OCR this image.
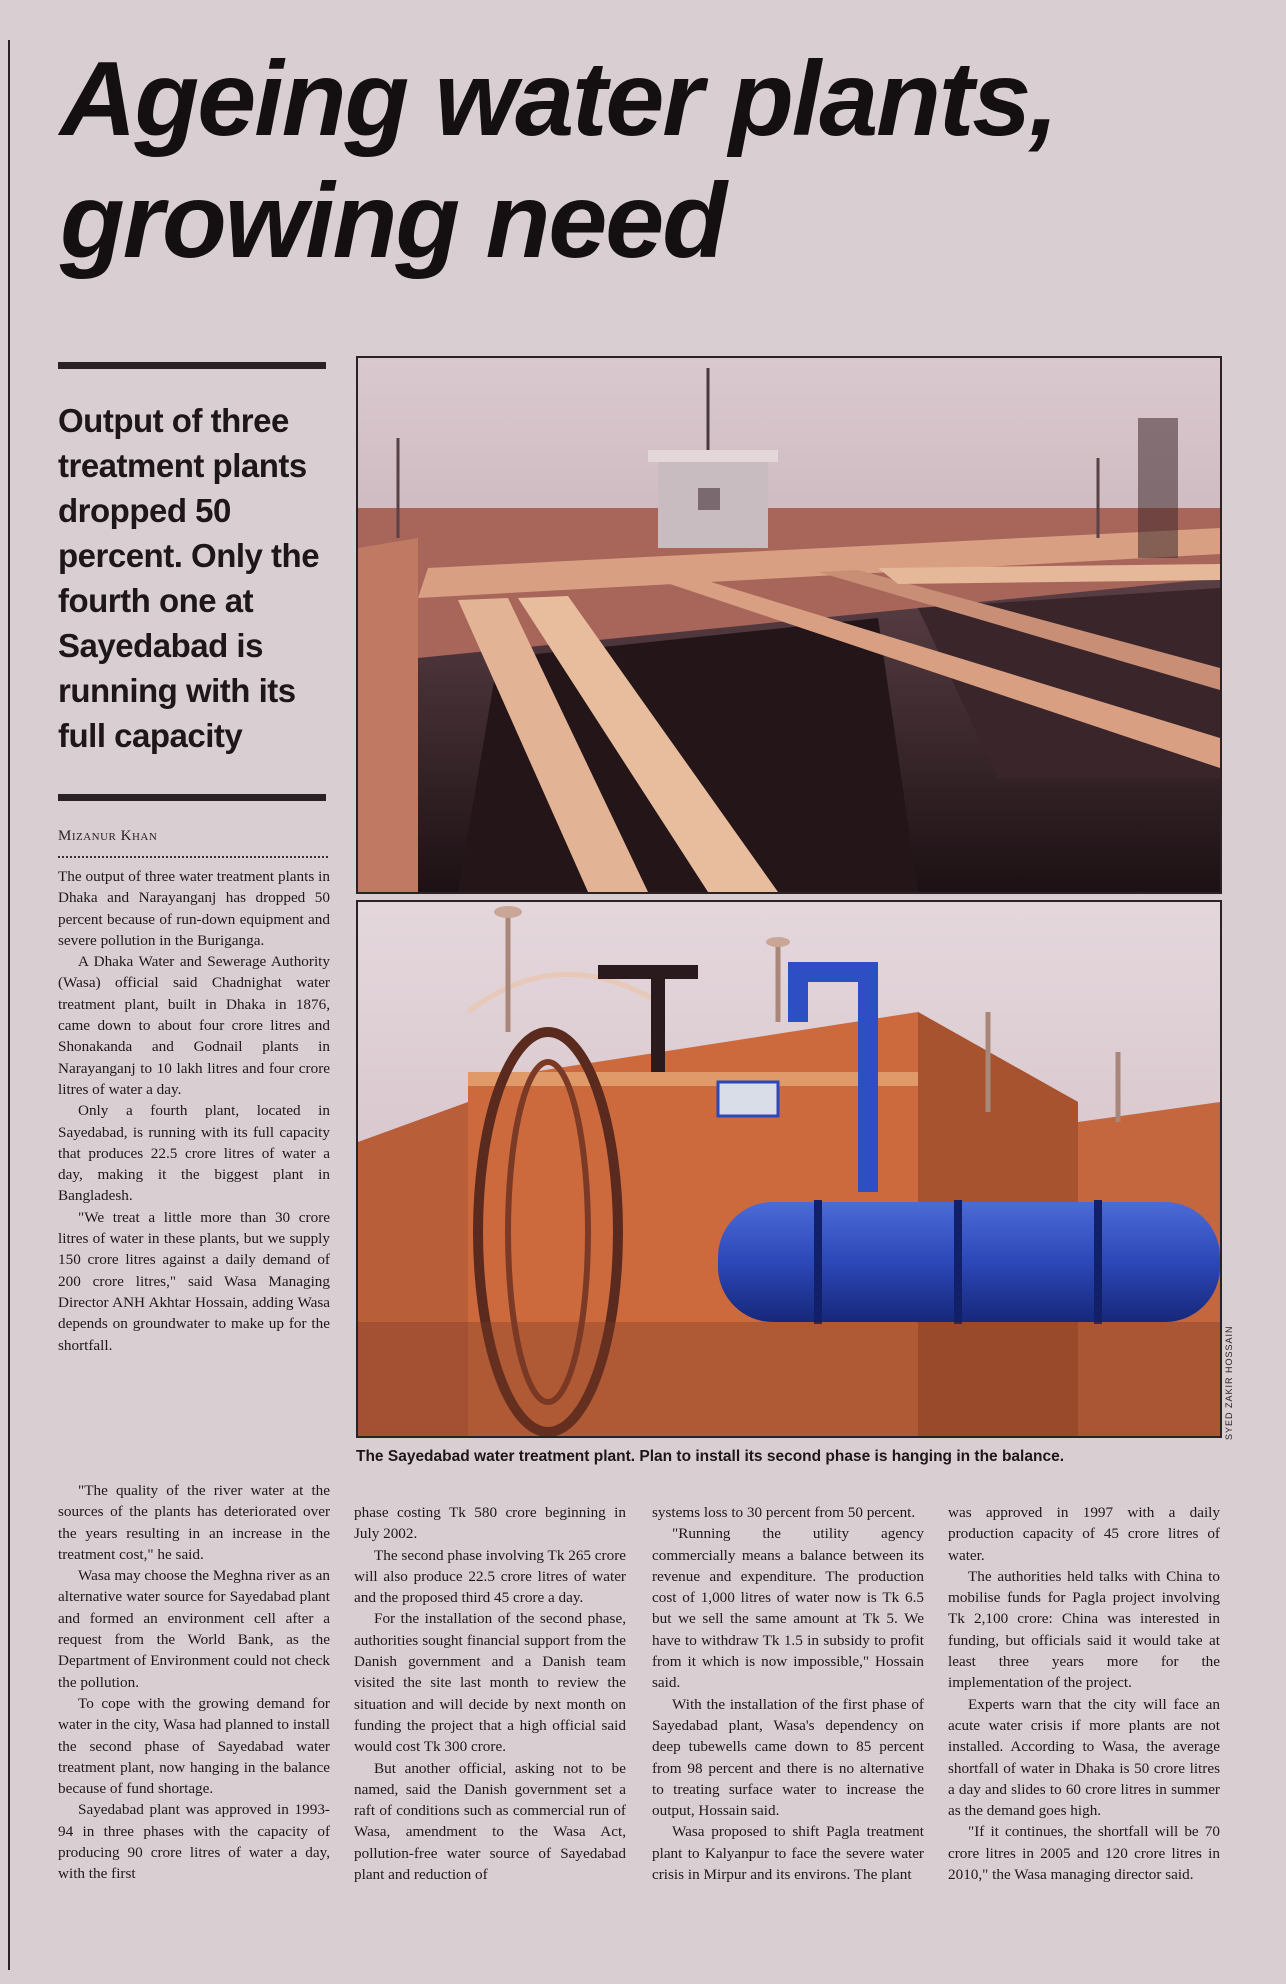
Ageing water plants,
growing need
Output of three treatment plants dropped 50 percent. Only the fourth one at Sayedabad is running with its full capacity
Mizanur Khan

The output of three water treatment plants in Dhaka and Narayanganj has dropped 50 percent because of run-down equipment and severe pollution in the Buriganga.

A Dhaka Water and Sewerage Authority (Wasa) official said Chadnighat water treatment plant, built in Dhaka in 1876, came down to about four crore litres and Shonakanda and Godnail plants in Narayanganj to 10 lakh litres and four crore litres of water a day.

Only a fourth plant, located in Sayedabad, is running with its full capacity that produces 22.5 crore litres of water a day, making it the biggest plant in Bangladesh.

"We treat a little more than 30 crore litres of water in these plants, but we supply 150 crore litres against a daily demand of 200 crore litres," said Wasa Managing Director ANH Akhtar Hossain, adding Wasa depends on groundwater to make up for the shortfall.	SYED ZAKIR HOSSAIN
The Sayedabad water treatment plant. Plan to install its second phase is hanging in the balance.

"The quality of the river water at the sources of the plants has deteriorated over the years resulting in an increase in the treatment cost," he said.

Wasa may choose the Meghna river as an alternative water source for Sayedabad plant and formed an environment cell after a request from the World Bank, as the Department of Environment could not check the pollution.

To cope with the growing demand for water in the city, Wasa had planned to install the second phase of Sayedabad water treatment plant, now hanging in the balance because of fund shortage.

Sayedabad plant was approved in 1993-94 in three phases with the capacity of producing 90 crore litres of water a day, with the first

phase costing Tk 580 crore beginning in July 2002.

The second phase involving Tk 265 crore will also produce 22.5 crore litres of water and the proposed third 45 crore a day.

For the installation of the second phase, authorities sought financial support from the Danish government and a Danish team visited the site last month to review the situation and will decide by next month on funding the project that a high official said would cost Tk 300 crore.

But another official, asking not to be named, said the Danish government set a raft of conditions such as commercial run of Wasa, amendment to the Wasa Act, pollution-free water source of Sayedabad plant and reduction of

systems loss to 30 percent from 50 percent.

"Running the utility agency commercially means a balance between its revenue and expenditure. The production cost of 1,000 litres of water now is Tk 6.5 but we sell the same amount at Tk 5. We have to withdraw Tk 1.5 in subsidy to profit from it which is now impossible," Hossain said.

With the installation of the first phase of Sayedabad plant, Wasa's dependency on deep tubewells came down to 85 percent from 98 percent and there is no alternative to treating surface water to increase the output, Hossain said.

Wasa proposed to shift Pagla treatment plant to Kalyanpur to face the severe water crisis in Mirpur and its environs. The plant

was approved in 1997 with a daily production capacity of 45 crore litres of water.

The authorities held talks with China to mobilise funds for Pagla project involving Tk 2,100 crore: China was interested in funding, but officials said it would take at least three years more for the implementation of the project.

Experts warn that the city will face an acute water crisis if more plants are not installed. According to Wasa, the average shortfall of water in Dhaka is 50 crore litres a day and slides to 60 crore litres in summer as the demand goes high.

"If it continues, the shortfall will be 70 crore litres in 2005 and 120 crore litres in 2010," the Wasa managing director said.
